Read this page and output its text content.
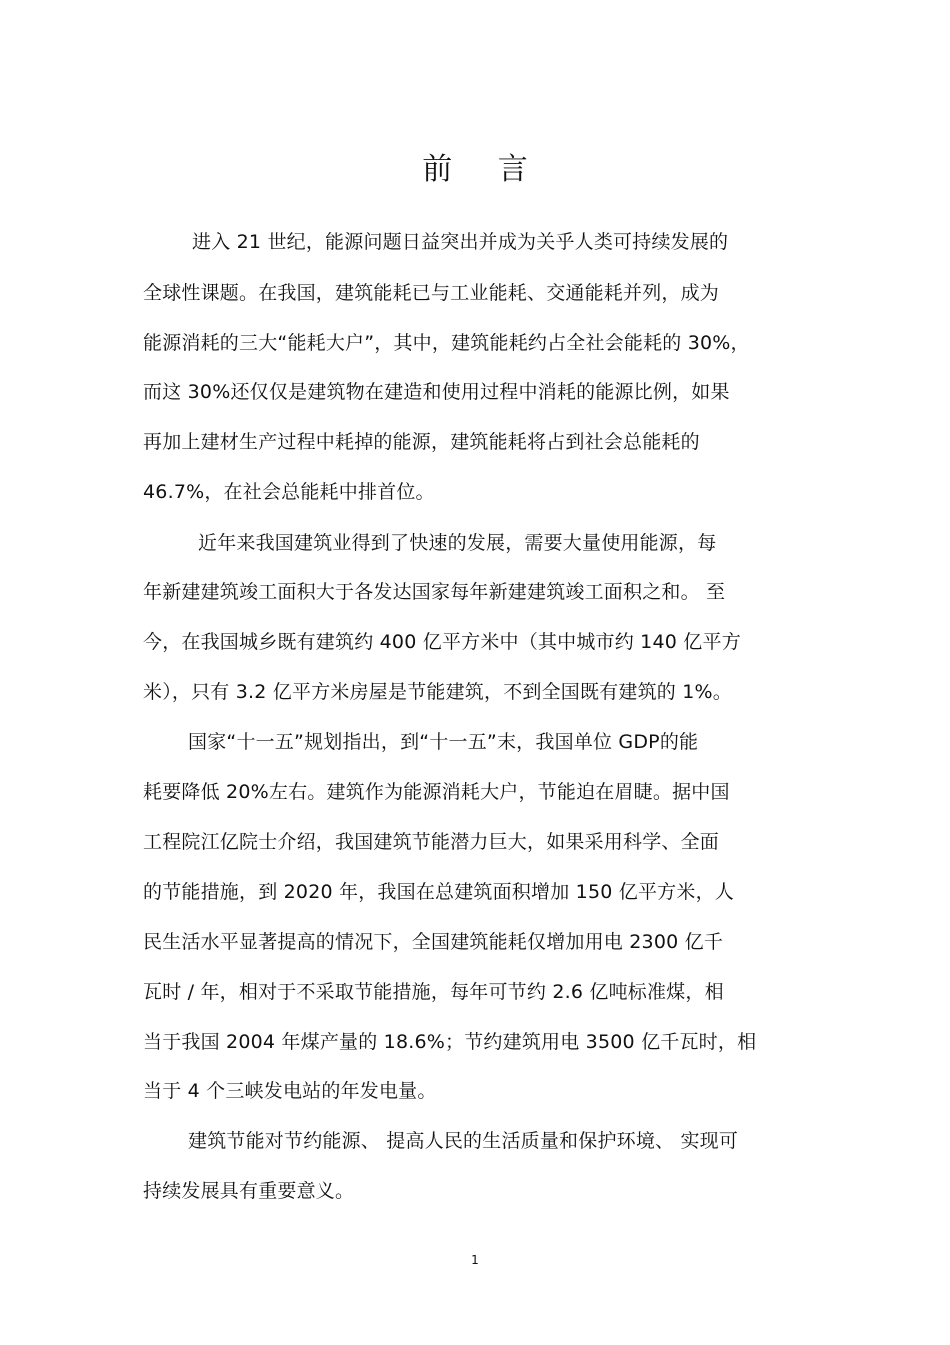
前 言
进入 21 世纪，能源问题日益突出并成为关乎人类可持续发展的
全球性课题。在我国，建筑能耗已与工业能耗、交通能耗并列，成为
能源消耗的三大“能耗大户”，其中，建筑能耗约占全社会能耗的 30%，
而这 30%还仅仅是建筑物在建造和使用过程中消耗的能源比例，如果
再加上建材生产过程中耗掉的能源，建筑能耗将占到社会总能耗的
46.7%，在社会总能耗中排首位。
近年来我国建筑业得到了快速的发展，需要大量使用能源，每
年新建建筑竣工面积大于各发达国家每年新建建筑竣工面积之和。 至
今，在我国城乡既有建筑约 400 亿平方米中（其中城市约 140 亿平方
米），只有 3.2 亿平方米房屋是节能建筑，不到全国既有建筑的 1%。
国家“十一五”规划指出，到“十一五”末，我国单位 GDP的能
耗要降低 20%左右。建筑作为能源消耗大户，节能迫在眉睫。据中国
工程院江亿院士介绍，我国建筑节能潜力巨大，如果采用科学、全面
的节能措施，到 2020 年，我国在总建筑面积增加 150 亿平方米，人
民生活水平显著提高的情况下，全国建筑能耗仅增加用电 2300 亿千
瓦时 / 年，相对于不采取节能措施，每年可节约 2.6 亿吨标准煤，相
当于我国 2004 年煤产量的 18.6%；节约建筑用电 3500 亿千瓦时，相
当于 4 个三峡发电站的年发电量。
建筑节能对节约能源、 提高人民的生活质量和保护环境、 实现可
持续发展具有重要意义。
1
